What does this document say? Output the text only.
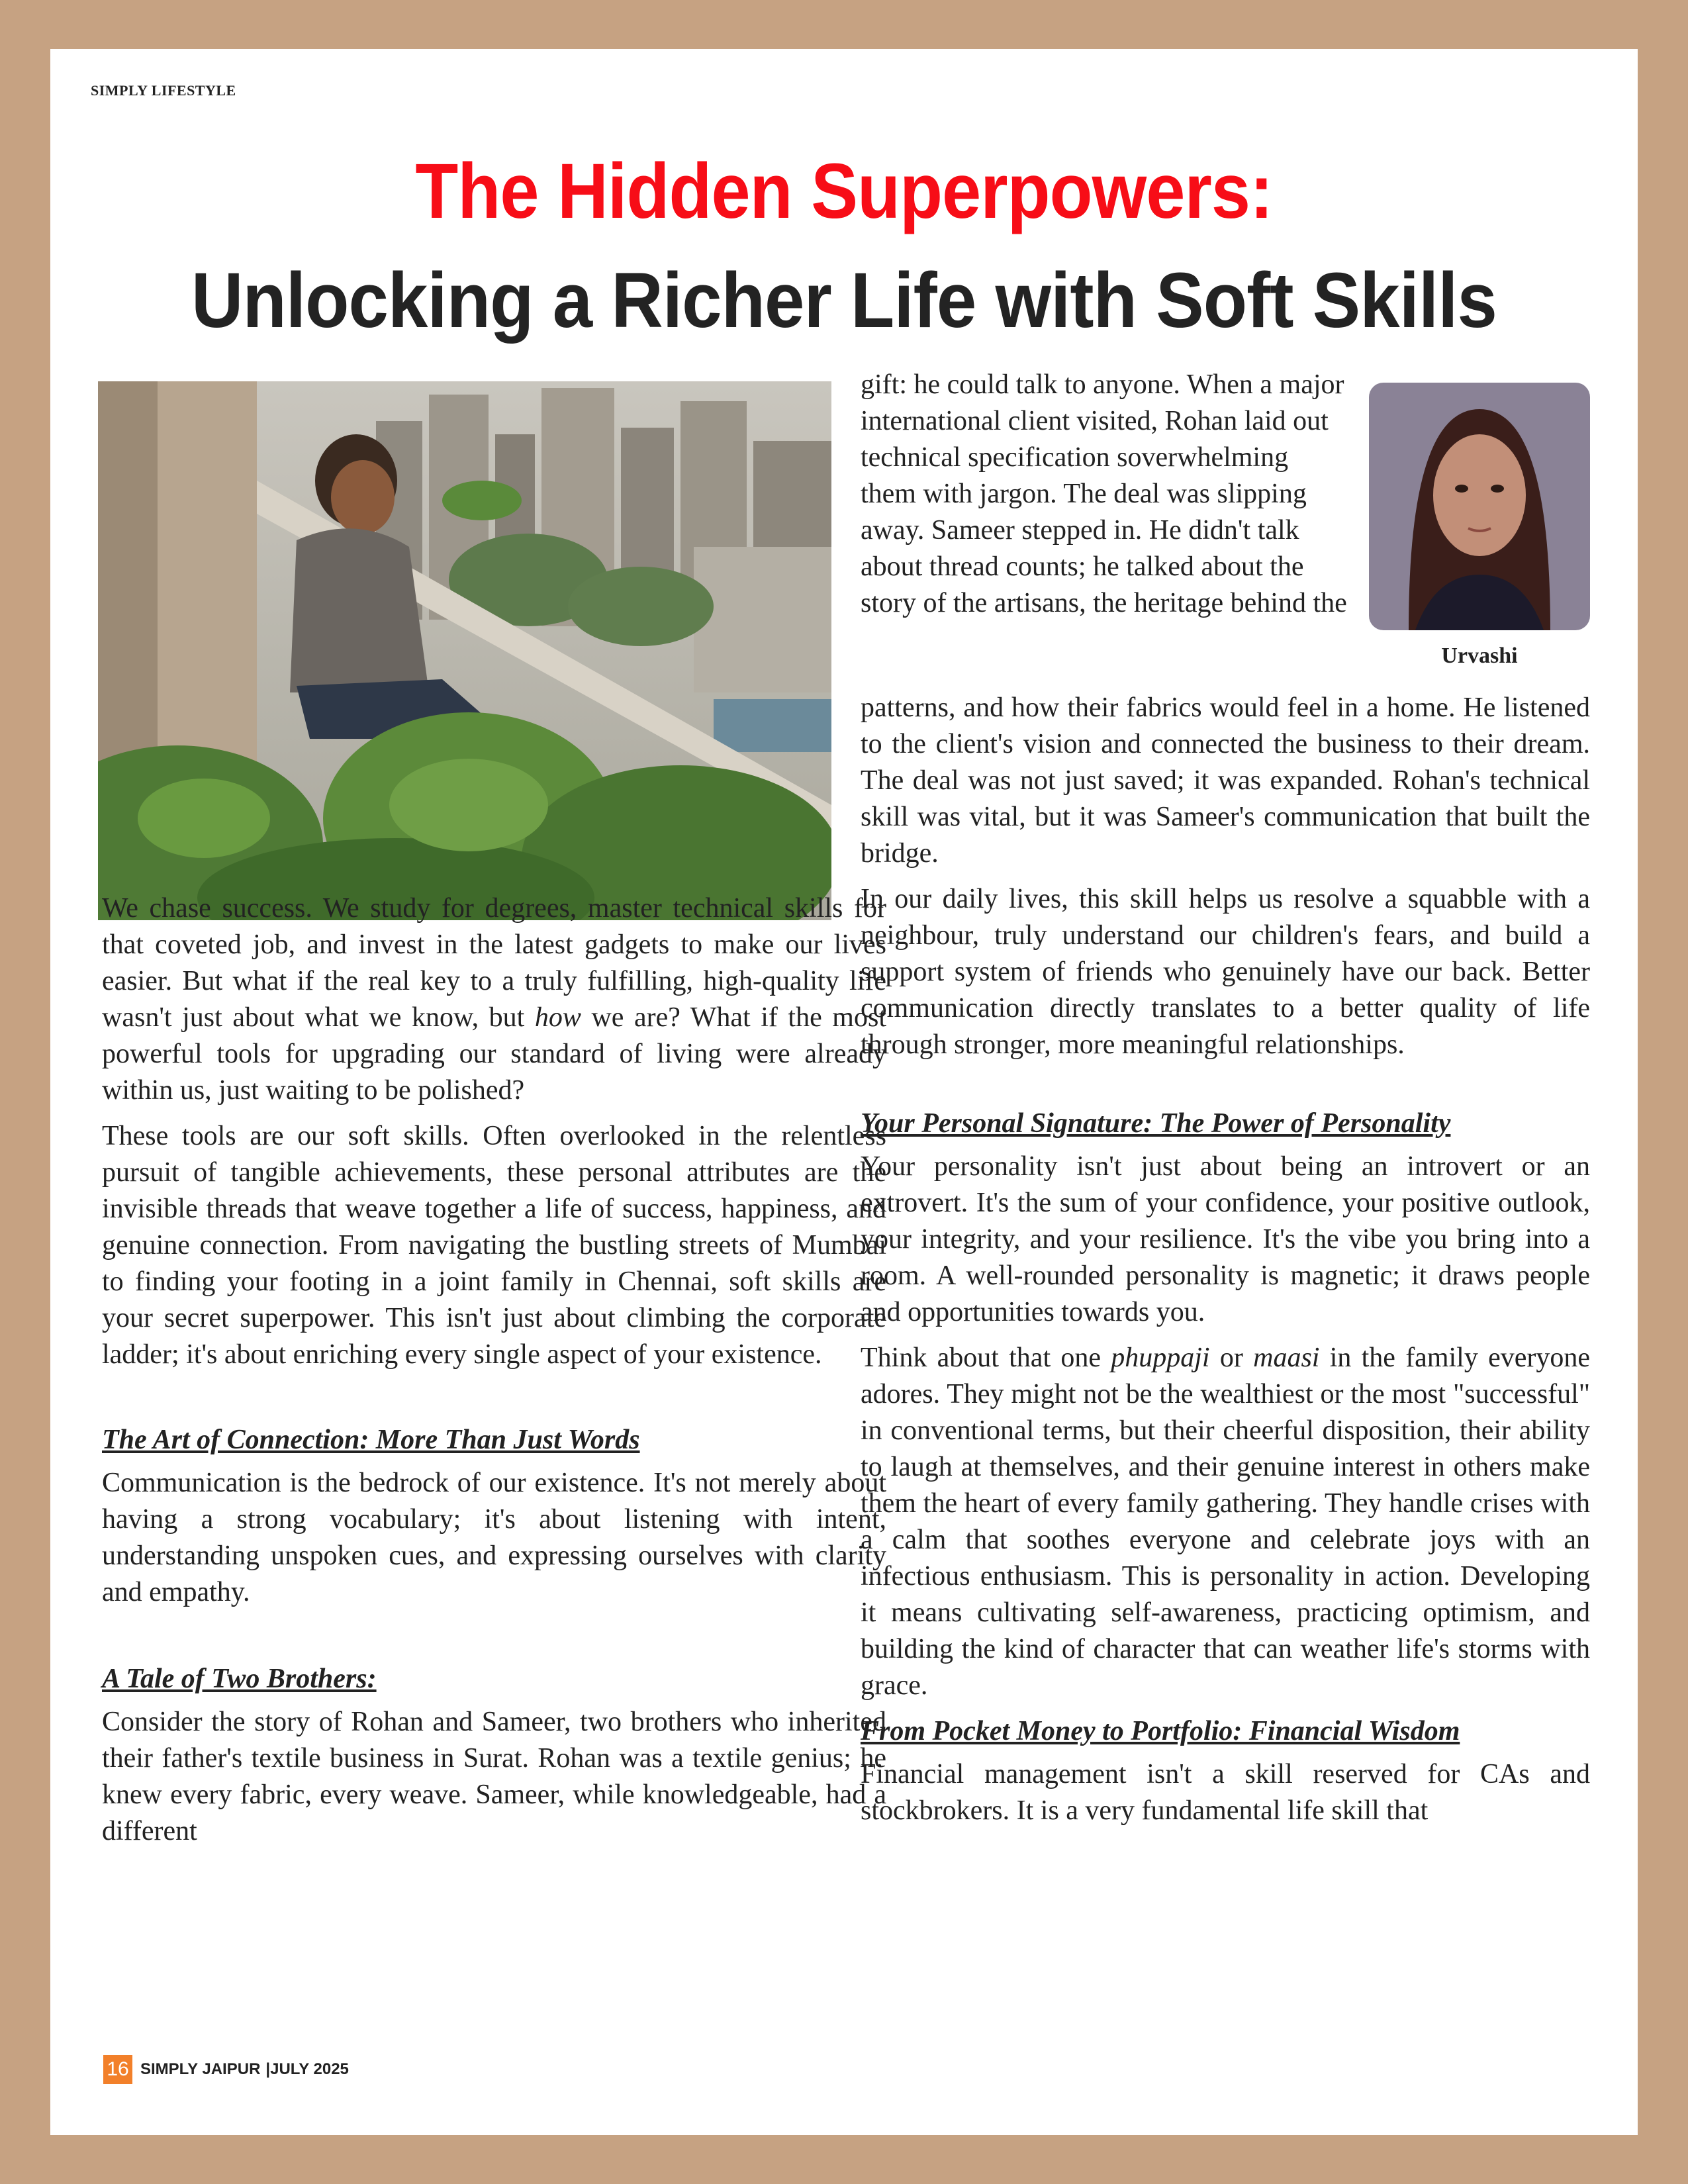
SIMPLY LIFESTYLE
The Hidden Superpowers:
Unlocking a Richer Life with Soft Skills
Urvashi

We chase success. We study for degrees, master technical skills for that coveted job, and invest in the latest gadgets to make our lives easier. But what if the real key to a truly fulfilling, high-quality life wasn't just about what we know, but how we are? What if the most powerful tools for upgrading our standard of living were already within us, just waiting to be polished?

These tools are our soft skills. Often overlooked in the relentless pursuit of tangible achievements, these personal attributes are the invisible threads that weave together a life of success, happiness, and genuine connection. From navigating the bustling streets of Mumbai to finding your footing in a joint family in Chennai, soft skills are your secret superpower. This isn't just about climbing the corporate ladder; it's about enriching every single aspect of your existence.

The Art of Connection: More Than Just Words

Communication is the bedrock of our existence. It's not merely about having a strong vocabulary; it's about listening with intent, understanding unspoken cues, and expressing ourselves with clarity and empathy.

A Tale of Two Brothers:

Consider the story of Rohan and Sameer, two brothers who inherited their father's textile business in Surat. Rohan was a textile genius; he knew every fabric, every weave. Sameer, while knowledgeable, had a different

gift: he could talk to anyone. When a major international client visited, Rohan laid out technical specification soverwhelming them with jargon. The deal was slipping away. Sameer stepped in. He didn't talk about thread counts; he talked about the story of the artisans, the heritage behind the

patterns, and how their fabrics would feel in a home. He listened to the client's vision and connected the business to their dream. The deal was not just saved; it was expanded. Rohan's technical skill was vital, but it was Sameer's communication that built the bridge.

In our daily lives, this skill helps us resolve a squabble with a neighbour, truly understand our children's fears, and build a support system of friends who genuinely have our back. Better communication directly translates to a better quality of life through stronger, more meaningful relationships.

Your Personal Signature: The Power of Personality

Your personality isn't just about being an introvert or an extrovert. It's the sum of your confidence, your positive outlook, your integrity, and your resilience. It's the vibe you bring into a room. A well-rounded personality is magnetic; it draws people and opportunities towards you.

Think about that one phuppaji or maasi in the family everyone adores. They might not be the wealthiest or the most "successful" in conventional terms, but their cheerful disposition, their ability to laugh at themselves, and their genuine interest in others make them the heart of every family gathering. They handle crises with a calm that soothes everyone and celebrate joys with an infectious enthusiasm. This is personality in action. Developing it means cultivating self-awareness, practicing optimism, and building the kind of character that can weather life's storms with grace.

From Pocket Money to Portfolio: Financial Wisdom

Financial management isn't a skill reserved for CAs and stockbrokers. It is a very fundamental life skill that

16 SIMPLY JAIPUR |JULY 2025
